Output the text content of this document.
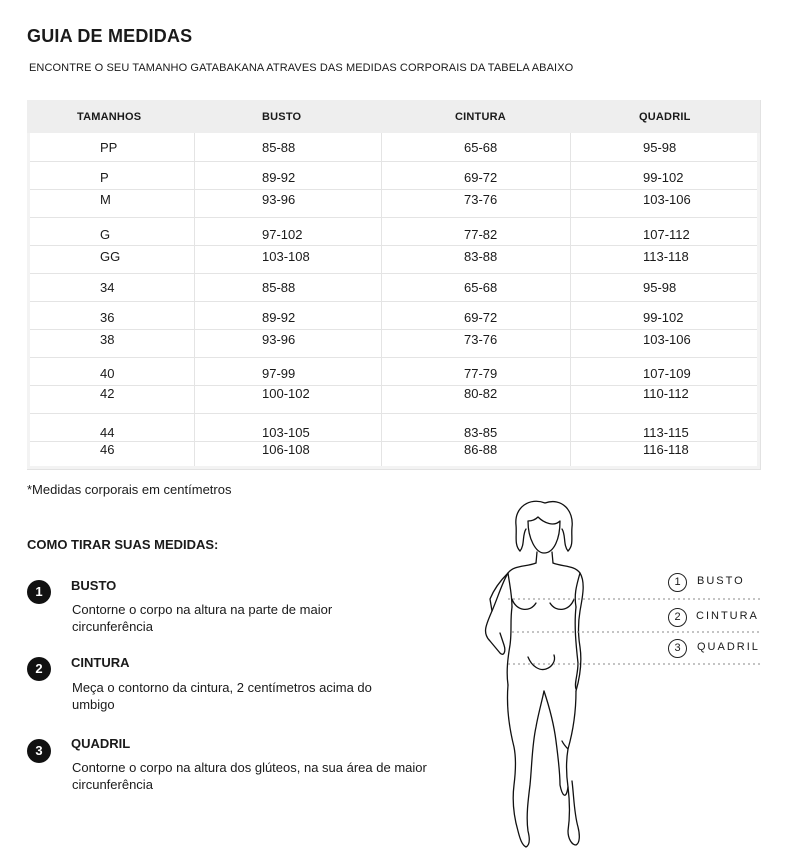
GUIA DE MEDIDAS
ENCONTRE O SEU TAMANHO GATABAKANA ATRAVES DAS MEDIDAS CORPORAIS DA TABELA ABAIXO
TAMANHOS	BUSTO	CINTURA	QUADRIL
PP	85-88	65-68	95-98
P	89-92	69-72	99-102
M	93-96	73-76	103-106
G	97-102	77-82	107-112
GG	103-108	83-88	113-118
34	85-88	65-68	95-98
36	89-92	69-72	99-102
38	93-96	73-76	103-106
40	97-99	77-79	107-109
42	100-102	80-82	110-112
44	103-105	83-85	113-115
46	106-108	86-88	116-118
*Medidas corporais em centímetros
COMO TIRAR SUAS MEDIDAS:
1	BUSTO
Contorne o corpo na altura na parte de maior circunferência
2	CINTURA
Meça o contorno da cintura, 2 centímetros acima do umbigo
3	QUADRIL
Contorne o corpo na altura dos glúteos, na sua área de maior circunferência
1	BUSTO
2	CINTURA
3	QUADRIL
